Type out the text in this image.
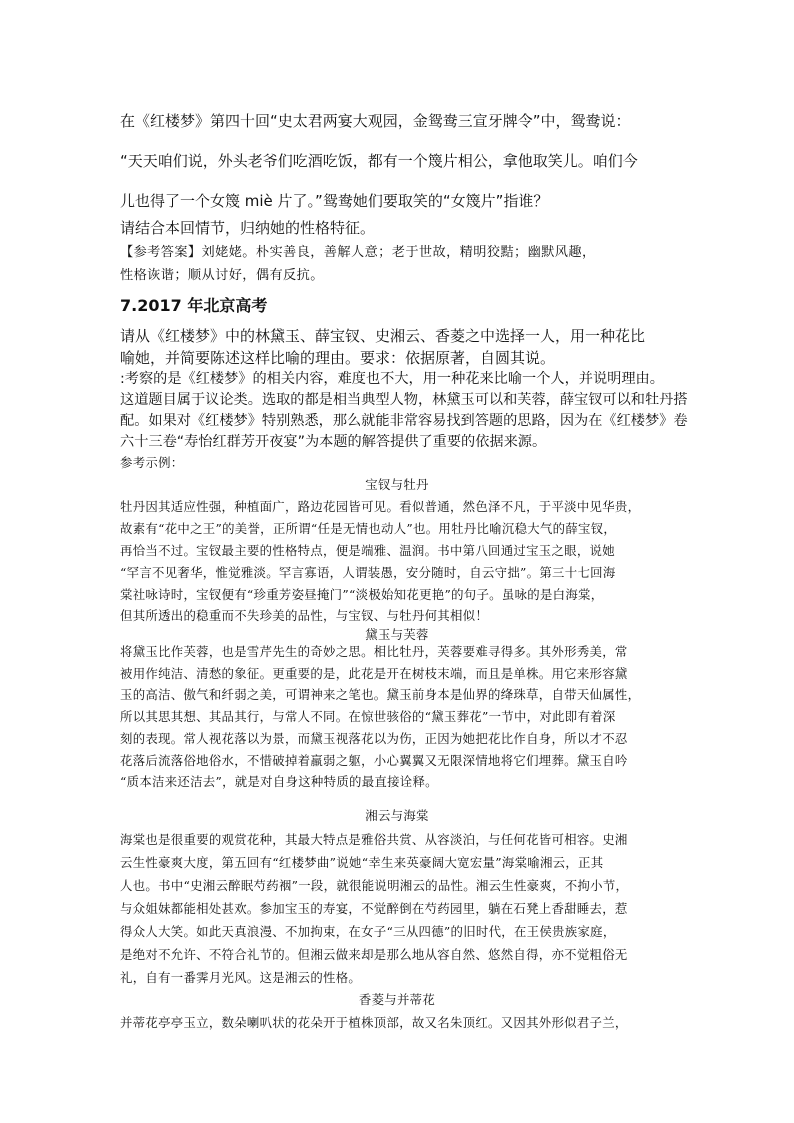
在《红楼梦》第四十回“史太君两宴大观园，金鸳鸯三宣牙牌令”中，鸳鸯说：
“天天咱们说，外头老爷们吃酒吃饭，都有一个篾片相公，拿他取笑儿。咱们今
儿也得了一个女篾 miè 片了。”鸳鸯她们要取笑的“女篾片”指谁？
请结合本回情节，归纳她的性格特征。
【参考答案】刘姥姥。朴实善良，善解人意；老于世故，精明狡黠；幽默风趣，
性格诙谐；顺从讨好，偶有反抗。
7.2017 年北京高考
请从《红楼梦》中的林黛玉、薛宝钗、史湘云、香菱之中选择一人，用一种花比
喻她，并简要陈述这样比喻的理由。要求：依据原著，自圆其说。
:考察的是《红楼梦》的相关内容，难度也不大，用一种花来比喻一个人，并说明理由。
这道题目属于议论类。选取的都是相当典型人物，林黛玉可以和芙蓉，薛宝钗可以和牡丹搭
配。如果对《红楼梦》特别熟悉，那么就能非常容易找到答题的思路，因为在《红楼梦》卷
六十三卷“寿怡红群芳开夜宴”为本题的解答提供了重要的依据来源。
参考示例：
宝钗与牡丹
牡丹因其适应性强，种植面广，路边花园皆可见。看似普通，然色泽不凡，于平淡中见华贵，
故素有“花中之王”的美誉，正所谓“任是无情也动人”也。用牡丹比喻沉稳大气的薛宝钗，
再恰当不过。宝钗最主要的性格特点，便是端雅、温润。书中第八回通过宝玉之眼，说她
“罕言不见奢华，惟觉雅淡。罕言寡语，人谓装愚，安分随时，自云守拙”。第三十七回海
棠社咏诗时，宝钗便有“珍重芳姿昼掩门”“淡极始知花更艳”的句子。虽咏的是白海棠，
但其所透出的稳重而不失珍美的品性，与宝钗、与牡丹何其相似！
黛玉与芙蓉
将黛玉比作芙蓉，也是雪芹先生的奇妙之思。相比牡丹，芙蓉要难寻得多。其外形秀美，常
被用作纯洁、清愁的象征。更重要的是，此花是开在树枝末端，而且是单株。用它来形容黛
玉的高洁、傲气和纤弱之美，可谓神来之笔也。黛玉前身本是仙界的绛珠草，自带天仙属性，
所以其思其想、其品其行，与常人不同。在惊世骇俗的“黛玉葬花”一节中，对此即有着深
刻的表现。常人视花落以为景，而黛玉视落花以为伤，正因为她把花比作自身，所以才不忍
花落后流落俗地俗水，不惜破掉着羸弱之躯，小心翼翼又无限深情地将它们埋葬。黛玉自吟
“质本洁来还洁去”，就是对自身这种特质的最直接诠释。
湘云与海棠
海棠也是很重要的观赏花种，其最大特点是雅俗共赏、从容淡泊，与任何花皆可相容。史湘
云生性豪爽大度，第五回有“红楼梦曲”说她“幸生来英豪阔大宽宏量”海棠喻湘云，正其
人也。书中“史湘云醉眠芍药裀”一段，就很能说明湘云的品性。湘云生性豪爽，不拘小节，
与众姐妹都能相处甚欢。参加宝玉的寿宴，不觉醉倒在芍药园里，躺在石凳上香甜睡去，惹
得众人大笑。如此天真浪漫、不加拘束，在女子“三从四德”的旧时代，在王侯贵族家庭，
是绝对不允许、不符合礼节的。但湘云做来却是那么地从容自然、悠然自得，亦不觉粗俗无
礼，自有一番霁月光风。这是湘云的性格。
香菱与并蒂花
并蒂花亭亭玉立，数朵喇叭状的花朵开于植株顶部，故又名朱顶红。又因其外形似君子兰，
